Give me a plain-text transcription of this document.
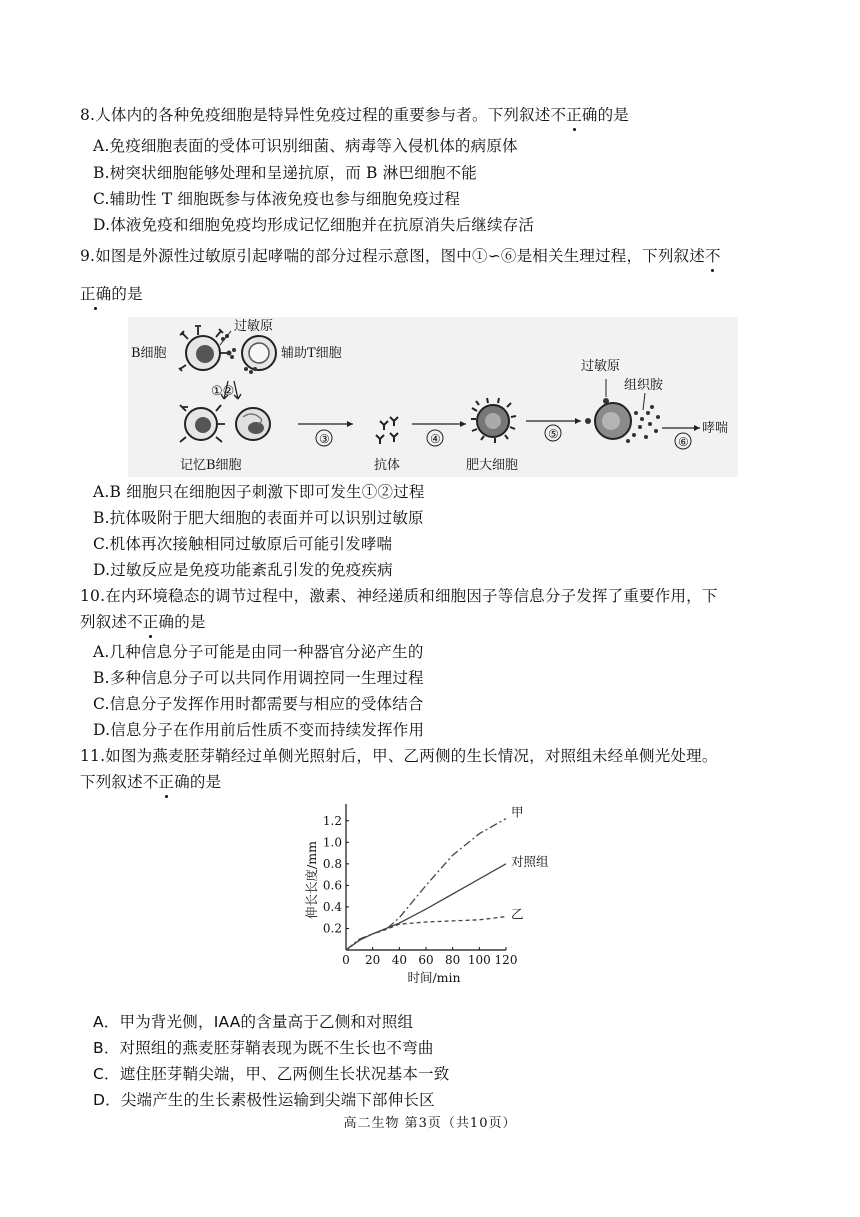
8.人体内的各种免疫细胞是特异性免疫过程的重要参与者。下列叙述不正确的是
A.免疫细胞表面的受体可识别细菌、病毒等入侵机体的病原体
B.树突状细胞能够处理和呈递抗原，而 B 淋巴细胞不能
C.辅助性 T 细胞既参与体液免疫也参与细胞免疫过程
D.体液免疫和细胞免疫均形成记忆细胞并在抗原消失后继续存活
9.如图是外源性过敏原引起哮喘的部分过程示意图，图中①∽⑥是相关生理过程，下列叙述不
正确的是
过敏原
B细胞	辅助T细胞
①②
记忆B细胞
③
抗体
④
肥大细胞
⑤
过敏原
组织胺
⑥
哮喘
A.B 细胞只在细胞因子刺激下即可发生①②过程
B.抗体吸附于肥大细胞的表面并可以识别过敏原
C.机体再次接触相同过敏原后可能引发哮喘
D.过敏反应是免疫功能紊乱引发的免疫疾病
10.在内环境稳态的调节过程中，激素、神经递质和细胞因子等信息分子发挥了重要作用，下
列叙述不正确的是
A.几种信息分子可能是由同一种器官分泌产生的
B.多种信息分子可以共同作用调控同一生理过程
C.信息分子发挥作用时都需要与相应的受体结合
D.信息分子在作用前后性质不变而持续发挥作用
11.如图为燕麦胚芽鞘经过单侧光照射后，甲、乙两侧的生长情况，对照组未经单侧光处理。
下列叙述不正确的是
0.2
0.4
0.6
0.8
1.0
1.2
0 20 40 60 80 100 120
甲
对照组
乙
伸长长度/mm
时间/min
A．甲为背光侧，IAA的含量高于乙侧和对照组
B．对照组的燕麦胚芽鞘表现为既不生长也不弯曲
C．遮住胚芽鞘尖端，甲、乙两侧生长状况基本一致
D．尖端产生的生长素极性运输到尖端下部伸长区
高二生物 第3页（共10页）
